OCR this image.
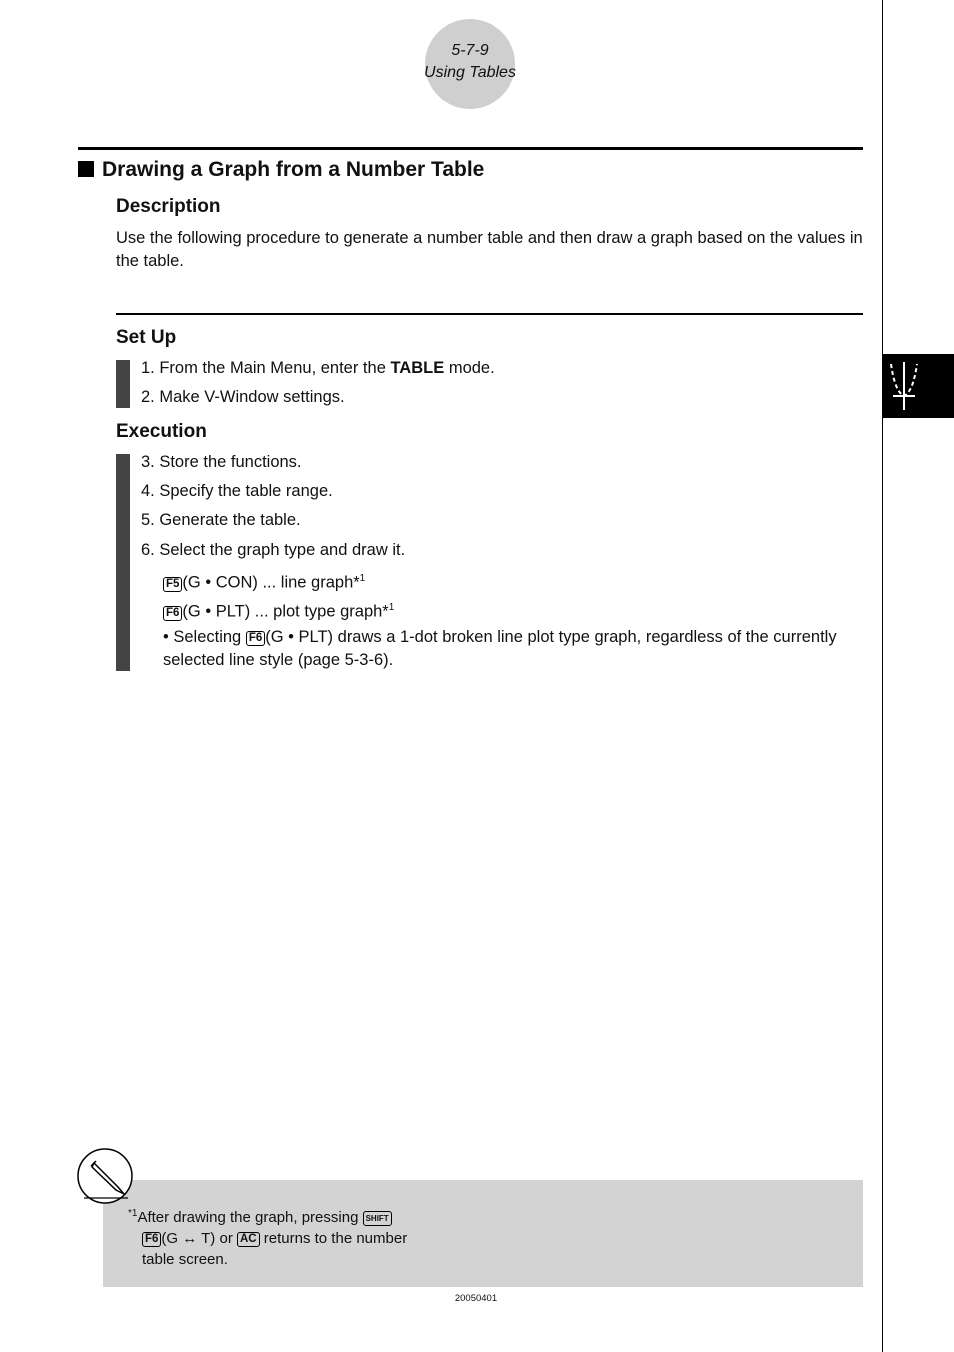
5-7-9
Using Tables
Drawing a Graph from a Number Table
Description
Use the following procedure to generate a number table and then draw a graph based on the values in the table.
Set Up
1. From the Main Menu, enter the TABLE mode.
2. Make V-Window settings.
Execution
3. Store the functions.
4. Specify the table range.
5. Generate the table.
6. Select the graph type and draw it.
F5 (G • CON) ... line graph*$^1$
F6 (G • PLT) ... plot type graph*$^1$
• Selecting F6 (G • PLT) draws a 1-dot broken line plot type graph, regardless of the currently selected line style (page 5-3-6).
$^{*1}$After drawing the graph, pressing SHIFT
F6 (G ↔ T) or AC returns to the number
table screen.
20050401
